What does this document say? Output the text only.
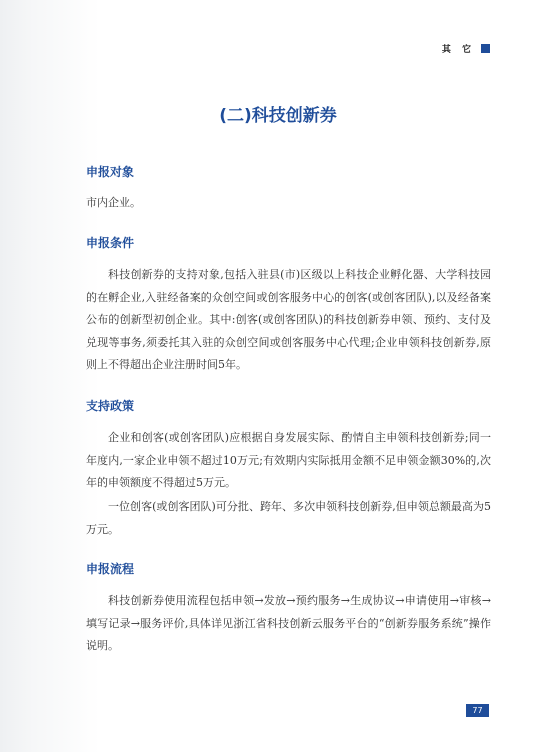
其 它
(二)科技创新券
申报对象

市内企业。

申报条件

科技创新券的支持对象,包括入驻县(市)区级以上科技企业孵化器、大学科技园的在孵企业,入驻经备案的众创空间或创客服务中心的创客(或创客团队),以及经备案公布的创新型初创企业。其中:创客(或创客团队)的科技创新券申领、预约、支付及兑现等事务,须委托其入驻的众创空间或创客服务中心代理;企业申领科技创新券,原则上不得超出企业注册时间5年。

支持政策

企业和创客(或创客团队)应根据自身发展实际、酌情自主申领科技创新券;同一年度内,一家企业申领不超过10万元;有效期内实际抵用金额不足申领金额30%的,次年的申领额度不得超过5万元。

一位创客(或创客团队)可分批、跨年、多次申领科技创新券,但申领总额最高为5万元。

申报流程

科技创新券使用流程包括申领→发放→预约服务→生成协议→申请使用→审核→填写记录→服务评价,具体详见浙江省科技创新云服务平台的“创新券服务系统”操作说明。

77
